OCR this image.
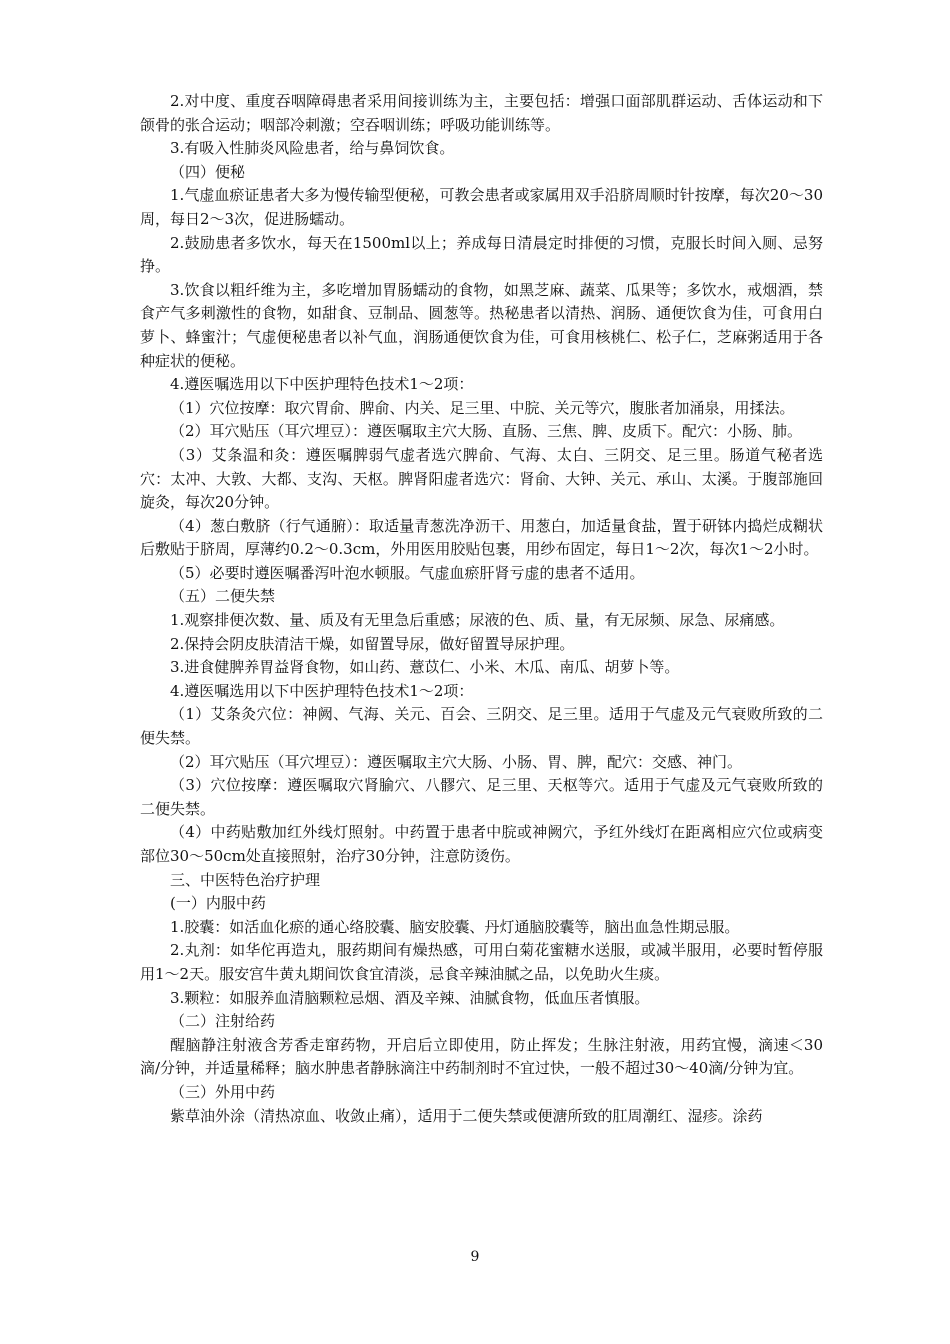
2.对中度、重度吞咽障碍患者采用间接训练为主，主要包括：增强口面部肌群运动、舌体运动和下颌骨的张合运动；咽部冷刺激；空吞咽训练；呼吸功能训练等。

3.有吸入性肺炎风险患者，给与鼻饲饮食。

（四）便秘

1.气虚血瘀证患者大多为慢传输型便秘，可教会患者或家属用双手沿脐周顺时针按摩，每次20～30周，每日2～3次，促进肠蠕动。

2.鼓励患者多饮水，每天在1500ml以上；养成每日清晨定时排便的习惯，克服长时间入厕、忌努挣。

3.饮食以粗纤维为主，多吃增加胃肠蠕动的食物，如黑芝麻、蔬菜、瓜果等；多饮水，戒烟酒，禁食产气多刺激性的食物，如甜食、豆制品、圆葱等。热秘患者以清热、润肠、通便饮食为佳，可食用白萝卜、蜂蜜汁；气虚便秘患者以补气血，润肠通便饮食为佳，可食用核桃仁、松子仁，芝麻粥适用于各种症状的便秘。

4.遵医嘱选用以下中医护理特色技术1～2项：

（1）穴位按摩：取穴胃俞、脾俞、内关、足三里、中脘、关元等穴，腹胀者加涌泉，用揉法。

（2）耳穴贴压（耳穴埋豆）：遵医嘱取主穴大肠、直肠、三焦、脾、皮质下。配穴：小肠、肺。

（3）艾条温和灸：遵医嘱脾弱气虚者选穴脾俞、气海、太白、三阴交、足三里。肠道气秘者选穴：太冲、大敦、大都、支沟、天枢。脾肾阳虚者选穴：肾俞、大钟、关元、承山、太溪。于腹部施回旋灸，每次20分钟。

（4）葱白敷脐（行气通腑）：取适量青葱洗净沥干、用葱白，加适量食盐，置于研钵内捣烂成糊状后敷贴于脐周，厚薄约0.2～0.3cm，外用医用胶贴包裹，用纱布固定，每日1～2次，每次1～2小时。

（5）必要时遵医嘱番泻叶泡水顿服。气虚血瘀肝肾亏虚的患者不适用。

（五）二便失禁

1.观察排便次数、量、质及有无里急后重感；尿液的色、质、量，有无尿频、尿急、尿痛感。

2.保持会阴皮肤清洁干燥，如留置导尿，做好留置导尿护理。

3.进食健脾养胃益肾食物，如山药、薏苡仁、小米、木瓜、南瓜、胡萝卜等。

4.遵医嘱选用以下中医护理特色技术1～2项：

（1）艾条灸穴位：神阙、气海、关元、百会、三阴交、足三里。适用于气虚及元气衰败所致的二便失禁。

（2）耳穴贴压（耳穴埋豆）：遵医嘱取主穴大肠、小肠、胃、脾，配穴：交感、神门。

（3）穴位按摩：遵医嘱取穴肾腧穴、八髎穴、足三里、天枢等穴。适用于气虚及元气衰败所致的二便失禁。

（4）中药贴敷加红外线灯照射。中药置于患者中脘或神阙穴，予红外线灯在距离相应穴位或病变部位30～50cm处直接照射，治疗30分钟，注意防烫伤。

三、中医特色治疗护理

(一）内服中药

1.胶囊：如活血化瘀的通心络胶囊、脑安胶囊、丹灯通脑胶囊等，脑出血急性期忌服。

2.丸剂：如华佗再造丸，服药期间有燥热感，可用白菊花蜜糖水送服，或减半服用，必要时暂停服用1～2天。服安宫牛黄丸期间饮食宜清淡，忌食辛辣油腻之品，以免助火生痰。

3.颗粒：如服养血清脑颗粒忌烟、酒及辛辣、油腻食物，低血压者慎服。

（二）注射给药

醒脑静注射液含芳香走窜药物，开启后立即使用，防止挥发；生脉注射液，用药宜慢，滴速＜30滴/分钟，并适量稀释；脑水肿患者静脉滴注中药制剂时不宜过快，一般不超过30～40滴/分钟为宜。

（三）外用中药

紫草油外涂（清热凉血、收敛止痛），适用于二便失禁或便溏所致的肛周潮红、湿疹。涂药

9
